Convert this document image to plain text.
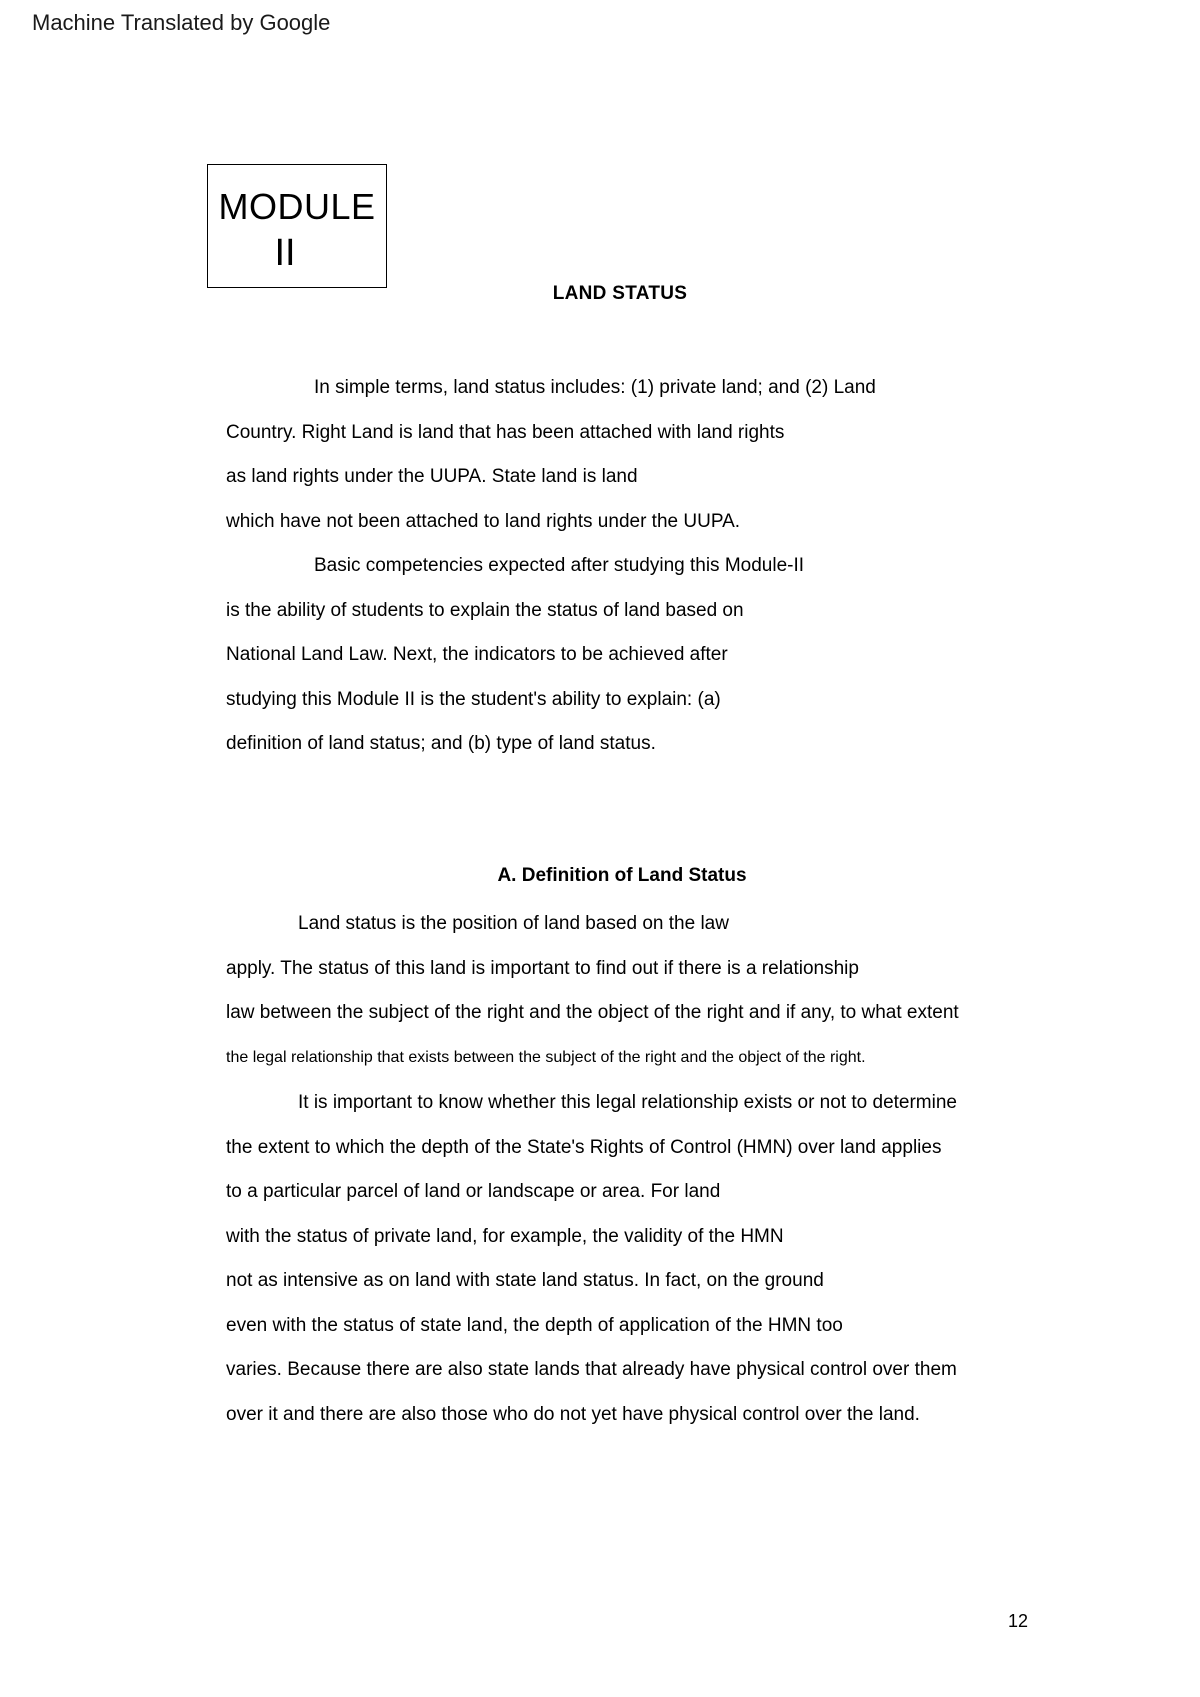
Machine Translated by Google
MODULE
II
LAND STATUS
In simple terms, land status includes: (1) private land; and (2) Land
Country. Right Land is land that has been attached with land rights
as land rights under the UUPA. State land is land
which have not been attached to land rights under the UUPA.
Basic competencies expected after studying this Module-II
is the ability of students to explain the status of land based on
National Land Law. Next, the indicators to be achieved after
studying this Module II is the student's ability to explain: (a)
definition of land status; and (b) type of land status.
A. Definition of Land Status
Land status is the position of land based on the law
apply. The status of this land is important to find out if there is a relationship
law between the subject of the right and the object of the right and if any, to what extent
the legal relationship that exists between the subject of the right and the object of the right.
It is important to know whether this legal relationship exists or not to determine
the extent to which the depth of the State's Rights of Control (HMN) over land applies
to a particular parcel of land or landscape or area. For land
with the status of private land, for example, the validity of the HMN
not as intensive as on land with state land status. In fact, on the ground
even with the status of state land, the depth of application of the HMN too
varies. Because there are also state lands that already have physical control over them
over it and there are also those who do not yet have physical control over the land.
12
